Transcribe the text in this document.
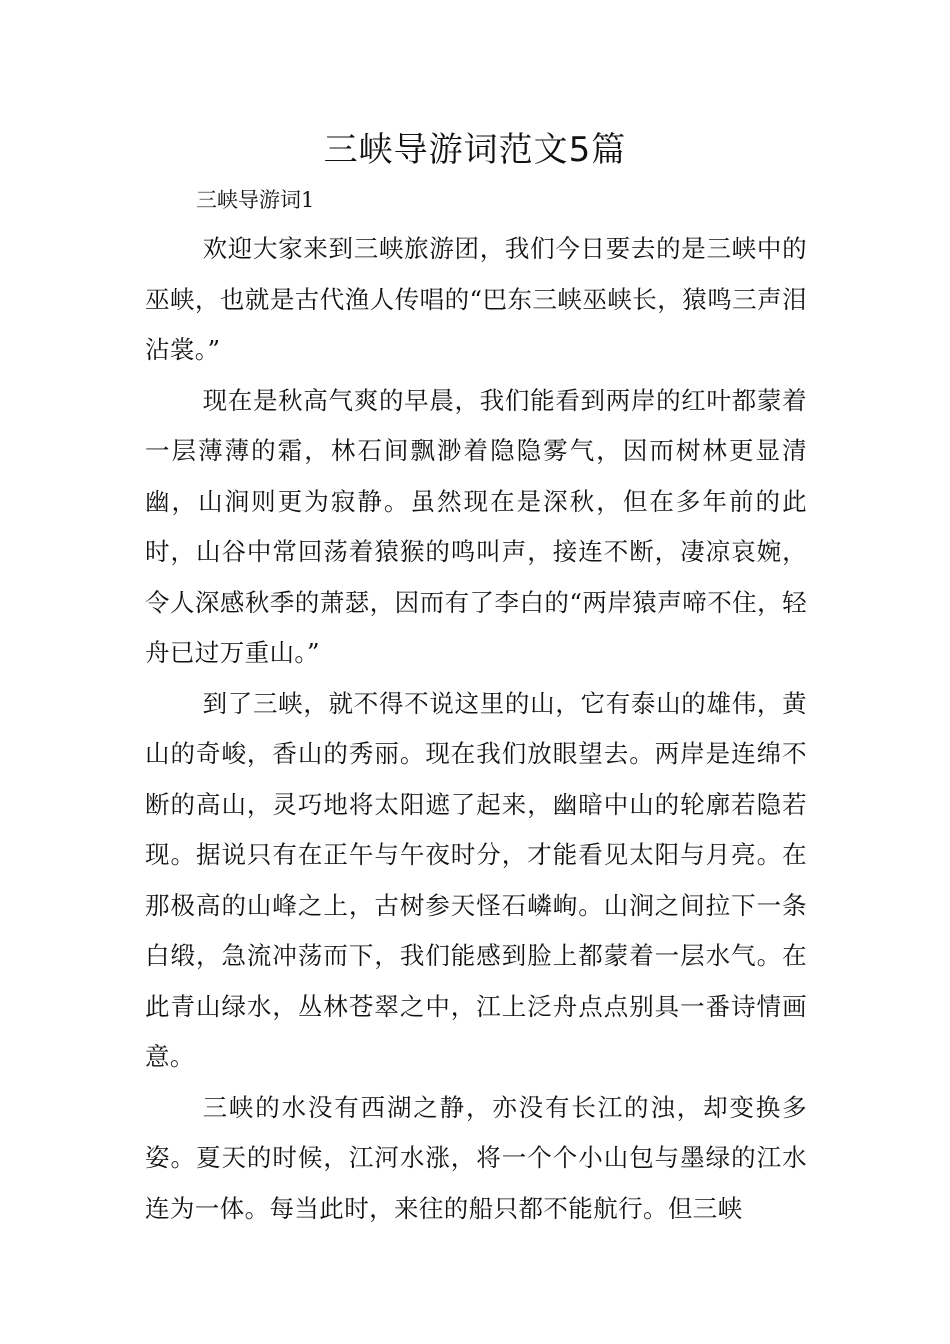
三峡导游词范文5篇
三峡导游词1

欢迎大家来到三峡旅游团，我们今日要去的是三峡中的巫峡，也就是古代渔人传唱的“巴东三峡巫峡长，猿鸣三声泪沾裳。”

现在是秋高气爽的早晨，我们能看到两岸的红叶都蒙着一层薄薄的霜，林石间飘渺着隐隐雾气，因而树林更显清幽，山涧则更为寂静。虽然现在是深秋，但在多年前的此时，山谷中常回荡着猿猴的鸣叫声，接连不断，凄凉哀婉，令人深感秋季的萧瑟，因而有了李白的“两岸猿声啼不住，轻舟已过万重山。”

到了三峡，就不得不说这里的山，它有泰山的雄伟，黄山的奇峻，香山的秀丽。现在我们放眼望去。两岸是连绵不断的高山，灵巧地将太阳遮了起来，幽暗中山的轮廓若隐若现。据说只有在正午与午夜时分，才能看见太阳与月亮。在那极高的山峰之上，古树参天怪石嶙峋。山涧之间拉下一条白缎，急流冲荡而下，我们能感到脸上都蒙着一层水气。在此青山绿水，丛林苍翠之中，江上泛舟点点别具一番诗情画意。

三峡的水没有西湖之静，亦没有长江的浊，却变换多姿。夏天的时候，江河水涨，将一个个小山包与墨绿的江水连为一体。每当此时，来往的船只都不能航行。但三峡
